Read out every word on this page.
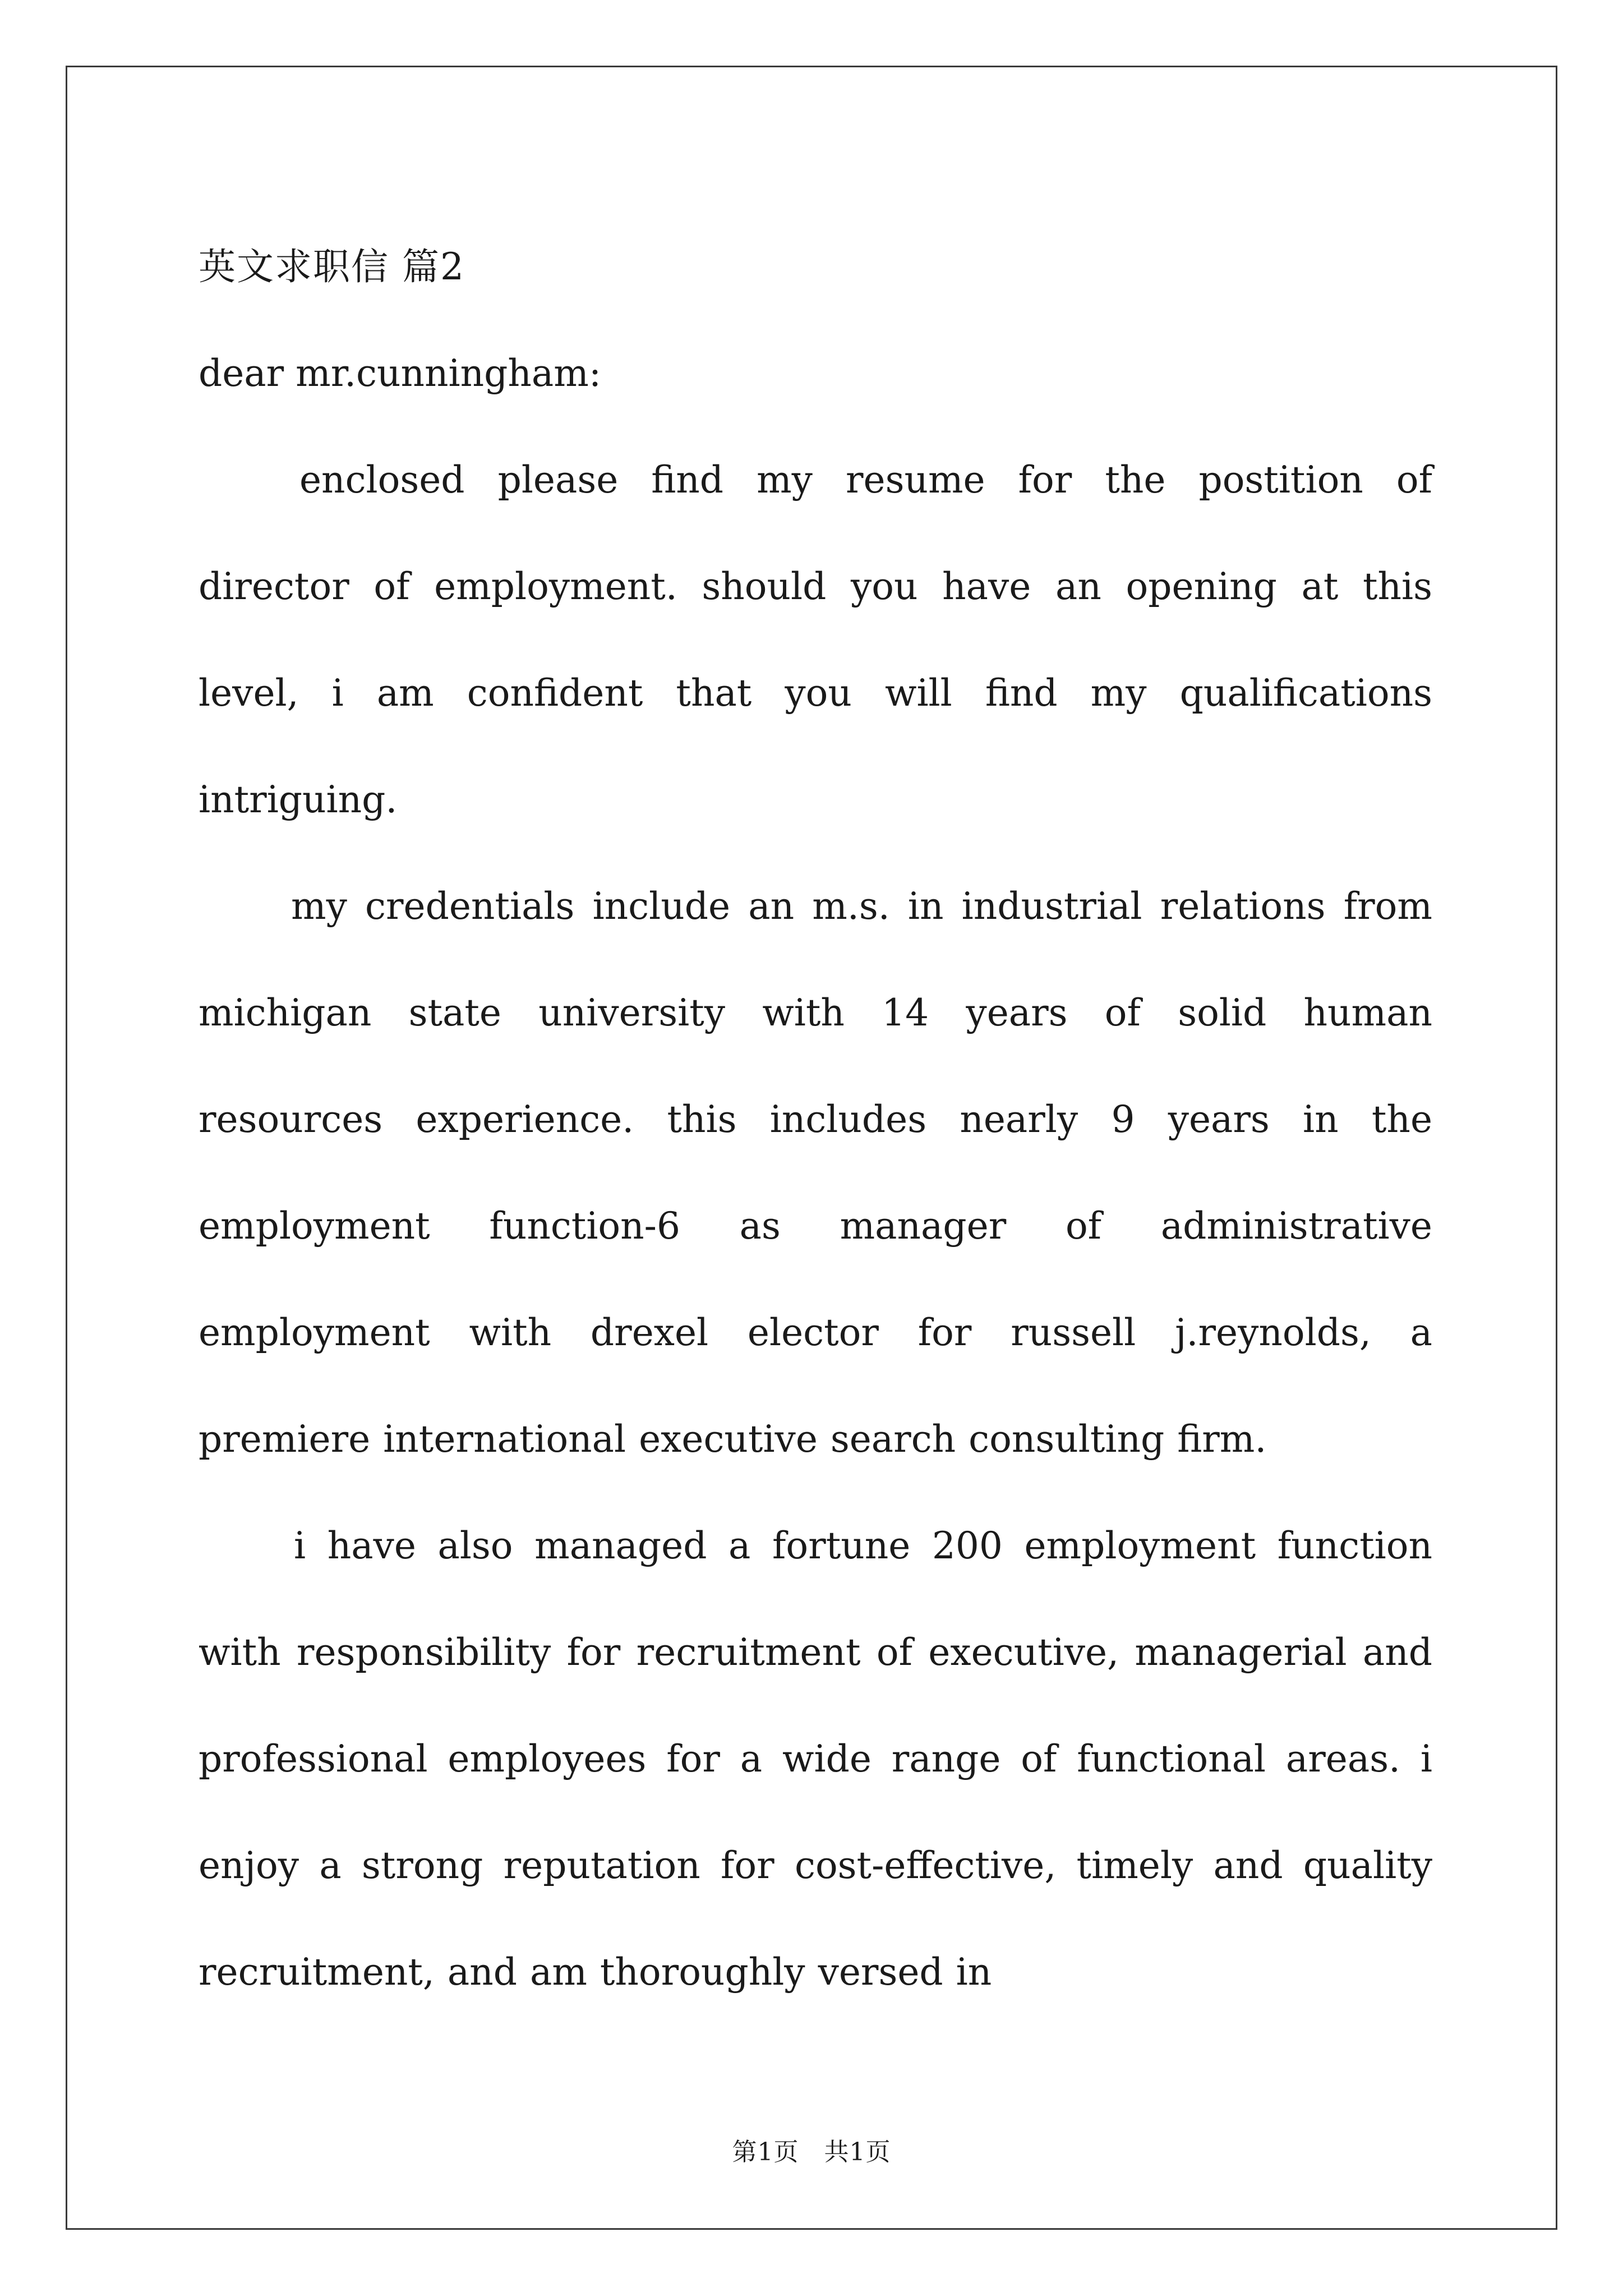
英文求职信 篇2

dear mr.cunningham:

enclosed please find my resume for the postition of director of employment. should you have an opening at this level, i am confident that you will find my qualifications intriguing.

my credentials include an m.s. in industrial relations from michigan state university with 14 years of solid human resources experience. this includes nearly 9 years in the employment function-6 as manager of administrative employment with drexel elector for russell j.reynolds, a premiere international executive search consulting firm.

i have also managed a fortune 200 employment function with responsibility for recruitment of executive, managerial and professional employees for a wide range of functional areas. i enjoy a strong reputation for cost-effective, timely and quality recruitment, and am thoroughly versed in

第1页　共1页
